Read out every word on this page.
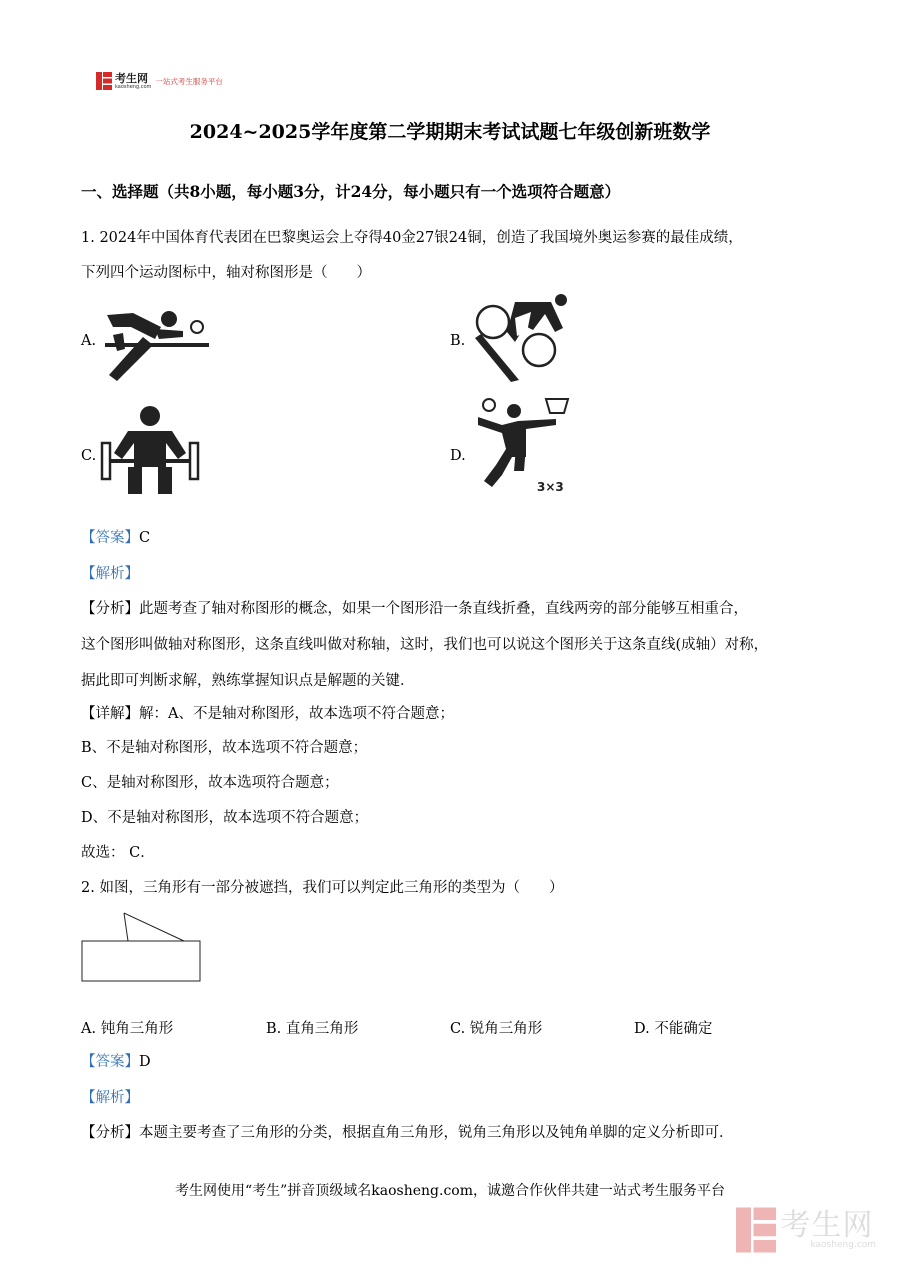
考生网
kaosheng.com
一站式考生服务平台
2024~2025学年度第二学期期末考试试题七年级创新班数学
一、选择题（共8小题，每小题3分，计24分，每小题只有一个选项符合题意）
1. 2024年中国体育代表团在巴黎奥运会上夺得40金27银24铜，创造了我国境外奥运参赛的最佳成绩，
下列四个运动图标中，轴对称图形是（　　）
A.	B.
C.	D.
3×3
【答案】C
【解析】
【分析】此题考查了轴对称图形的概念，如果一个图形沿一条直线折叠，直线两旁的部分能够互相重合，
这个图形叫做轴对称图形，这条直线叫做对称轴，这时，我们也可以说这个图形关于这条直线(成轴）对称，
据此即可判断求解，熟练掌握知识点是解题的关键．
【详解】解：A、不是轴对称图形，故本选项不符合题意；
B、不是轴对称图形，故本选项不符合题意；
C、是轴对称图形，故本选项符合题意；
D、不是轴对称图形，故本选项不符合题意；
故选： C．
2. 如图，三角形有一部分被遮挡，我们可以判定此三角形的类型为（　　）
A. 钝角三角形	B. 直角三角形	C. 锐角三角形	D. 不能确定
【答案】D
【解析】
【分析】本题主要考查了三角形的分类，根据直角三角形，锐角三角形以及钝角单脚的定义分析即可．
考生网使用“考生”拼音顶级域名kaosheng.com，诚邀合作伙伴共建一站式考生服务平台
考生网
kaosheng.com
